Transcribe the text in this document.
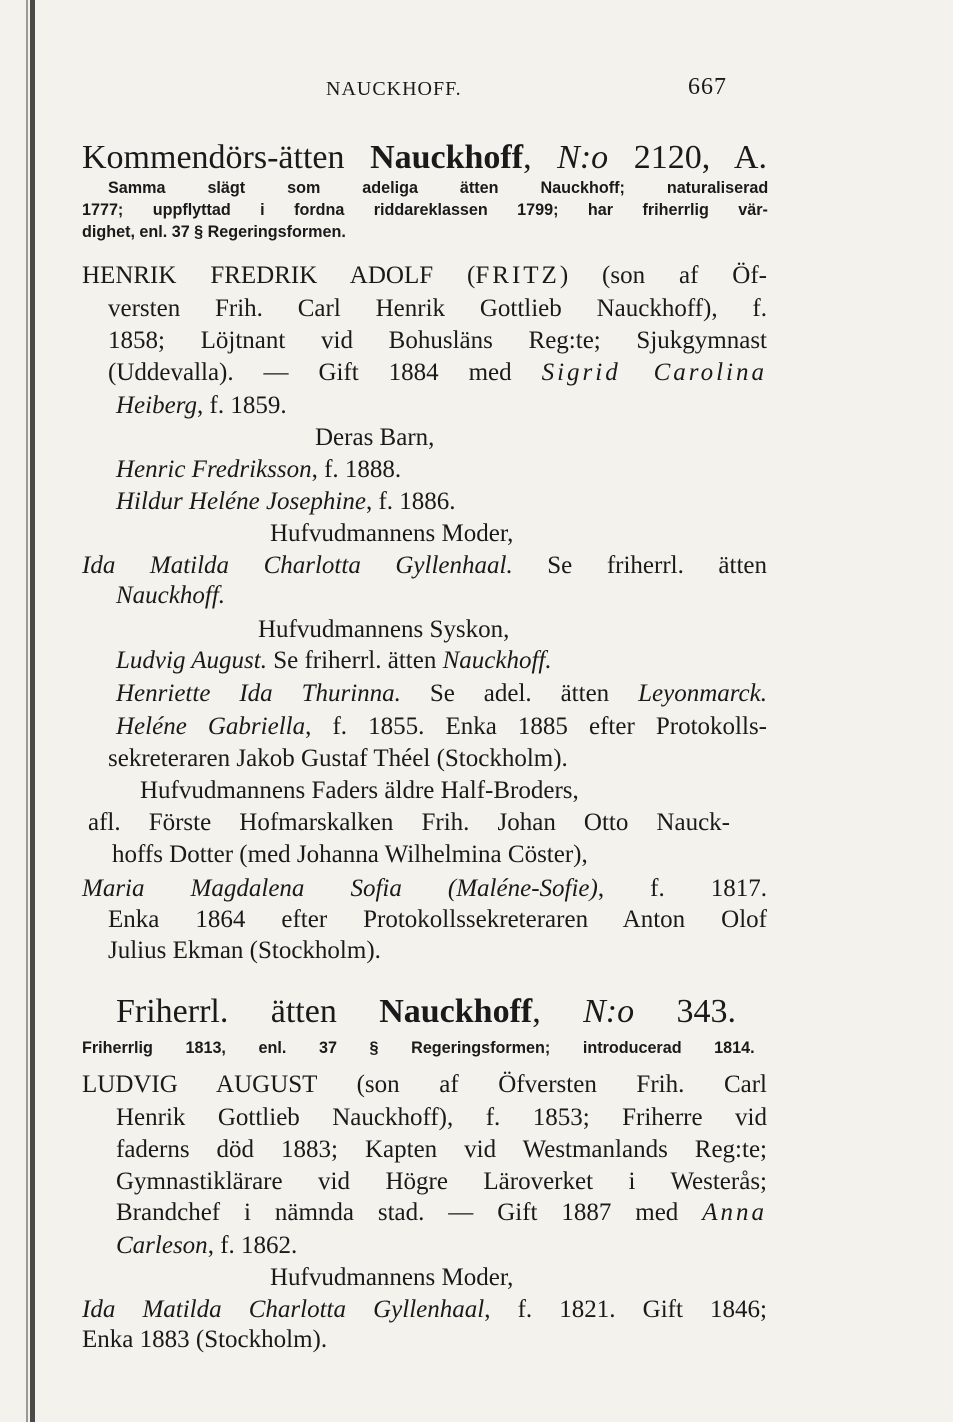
NAUCKHOFF.	667
Kommendörs-ätten Nauckhoff, N:o 2120, A.
Samma slägt som adeliga ätten Nauckhoff; naturaliserad
1777; uppflyttad i fordna riddareklassen 1799; har friherrlig vär-
dighet, enl. 37 § Regeringsformen.
HENRIK FREDRIK ADOLF (FRITZ) (son af Öf-
versten Frih. Carl Henrik Gottlieb Nauckhoff), f.
1858; Löjtnant vid Bohusläns Reg:te; Sjukgymnast
(Uddevalla). — Gift 1884 med Sigrid Carolina
Heiberg, f. 1859.
Deras Barn,
Henric Fredriksson, f. 1888.
Hildur Heléne Josephine, f. 1886.
Hufvudmannens Moder,
Ida Matilda Charlotta Gyllenhaal. Se friherrl. ätten
Nauckhoff.
Hufvudmannens Syskon,
Ludvig August. Se friherrl. ätten Nauckhoff.
Henriette Ida Thurinna. Se adel. ätten Leyonmarck.
Heléne Gabriella, f. 1855. Enka 1885 efter Protokolls-
sekreteraren Jakob Gustaf Théel (Stockholm).
Hufvudmannens Faders äldre Half-Broders,
afl. Förste Hofmarskalken Frih. Johan Otto Nauck-
hoffs Dotter (med Johanna Wilhelmina Cöster),
Maria Magdalena Sofia (Maléne-Sofie), f. 1817.
Enka 1864 efter Protokollssekreteraren Anton Olof
Julius Ekman (Stockholm).
Friherrl. ätten Nauckhoff, N:o 343.
Friherrlig 1813, enl. 37 § Regeringsformen; introducerad 1814.
LUDVIG AUGUST (son af Öfversten Frih. Carl
Henrik Gottlieb Nauckhoff), f. 1853; Friherre vid
faderns död 1883; Kapten vid Westmanlands Reg:te;
Gymnastiklärare vid Högre Läroverket i Westerås;
Brandchef i nämnda stad. — Gift 1887 med Anna
Carleson, f. 1862.
Hufvudmannens Moder,
Ida Matilda Charlotta Gyllenhaal, f. 1821. Gift 1846;
Enka 1883 (Stockholm).
